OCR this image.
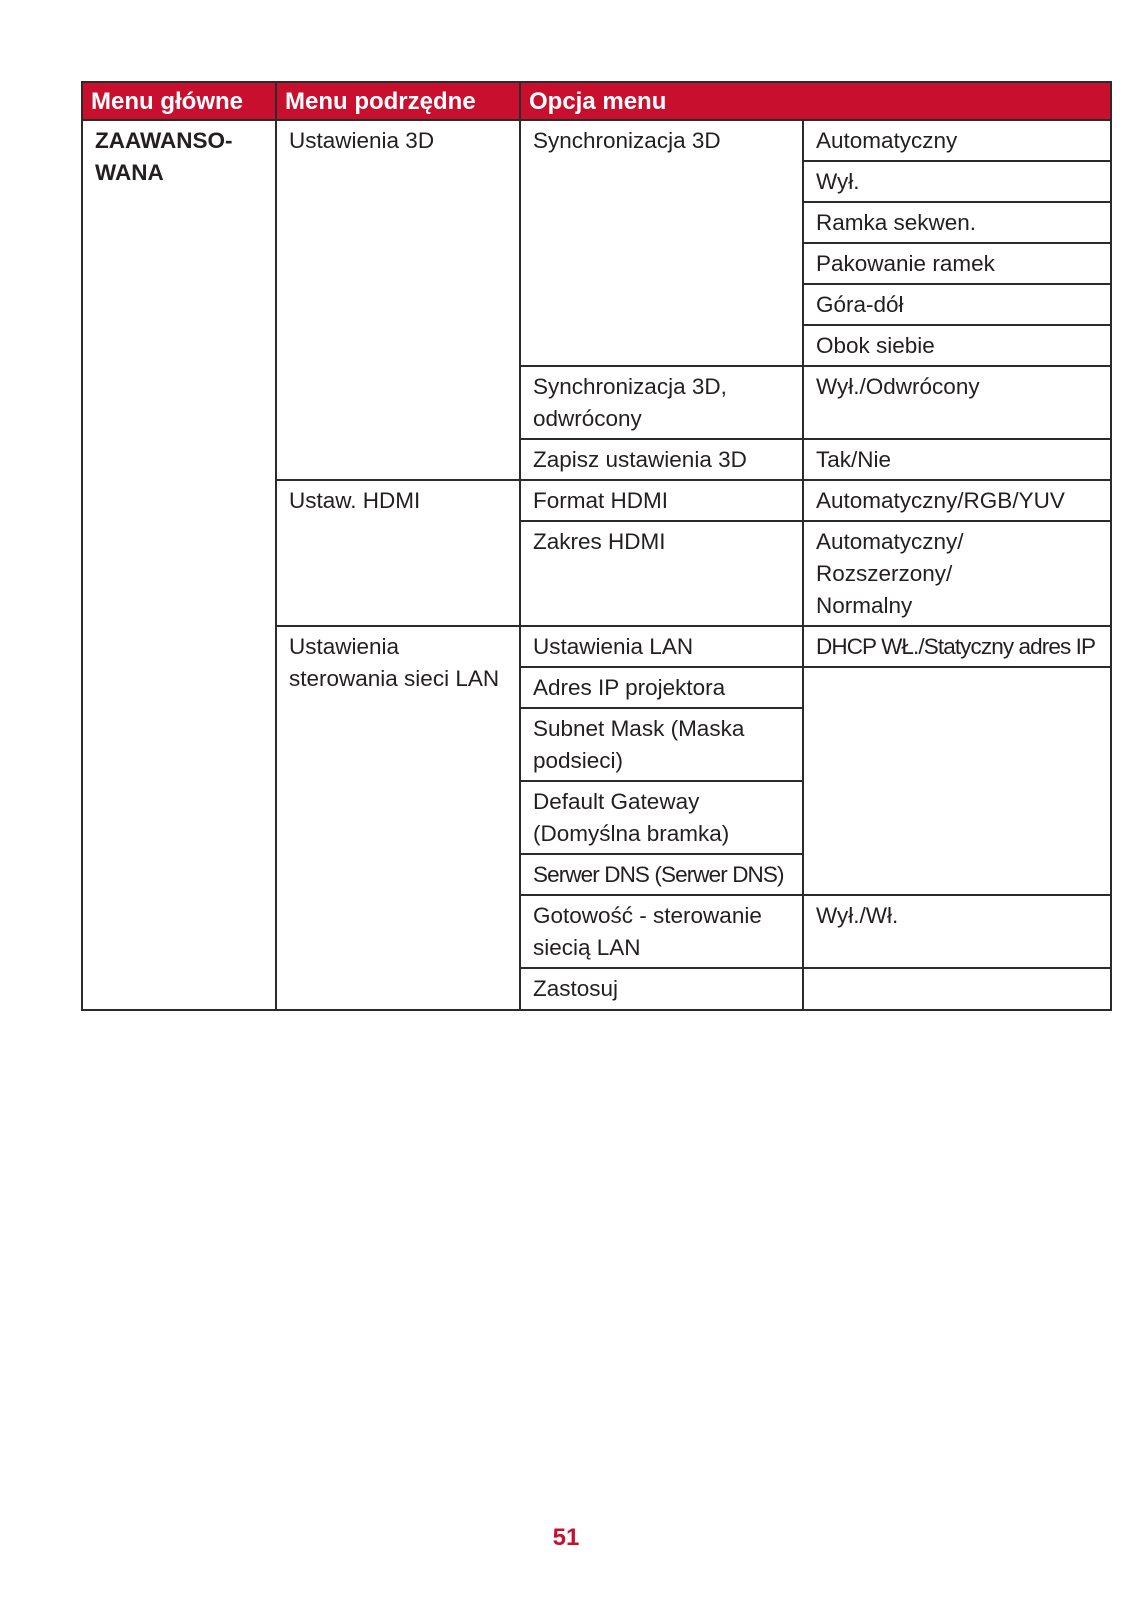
Menu główne	Menu podrzędne	Opcja menu	
ZAAWANSO-
WANA	Ustawienia 3D	Synchronizacja 3D	Automatyczny
			Wył.
			Ramka sekwen.
			Pakowanie ramek
			Góra-dół
			Obok siebie
		Synchronizacja 3D, odwrócony	Wył./Odwrócony
		Zapisz ustawienia 3D	Tak/Nie
	Ustaw. HDMI	Format HDMI	Automatyczny/RGB/YUV
		Zakres HDMI	Automatyczny/
Rozszerzony/
Normalny
	Ustawienia sterowania sieci LAN	Ustawienia LAN	DHCP WŁ./Statyczny adres IP
		Adres IP projektora	
		Subnet Mask (Maska podsieci)	
		Default Gateway (Domyślna bramka)	
		Serwer DNS (Serwer DNS)	
		Gotowość - sterowanie siecią LAN	Wył./Wł.
		Zastosuj	
51
